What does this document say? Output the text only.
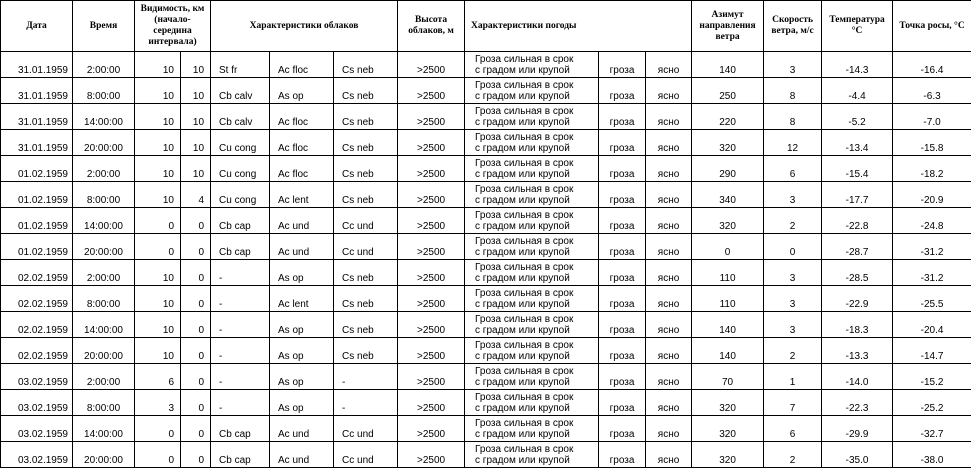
Дата	Время	Видимость, км (начало-середина интервала)		Характеристики облаков			Высота облаков, м	Характеристики погоды			Азимут направления ветра	Скорость ветра, м/с	Температура °С	Точка росы, °С
31.01.1959	2:00:00	10	10	St fr	Ac floc	Cs neb	>2500	Гроза сильная в срок
с градом или крупой	гроза	ясно	140	3	-14.3	-16.4
31.01.1959	8:00:00	10	10	Cb calv	As op	Cs neb	>2500	Гроза сильная в срок
с градом или крупой	гроза	ясно	250	8	-4.4	-6.3
31.01.1959	14:00:00	10	10	Cb calv	Ac floc	Cs neb	>2500	Гроза сильная в срок
с градом или крупой	гроза	ясно	220	8	-5.2	-7.0
31.01.1959	20:00:00	10	10	Cu cong	Ac floc	Cs neb	>2500	Гроза сильная в срок
с градом или крупой	гроза	ясно	320	12	-13.4	-15.8
01.02.1959	2:00:00	10	10	Cu cong	Ac floc	Cs neb	>2500	Гроза сильная в срок
с градом или крупой	гроза	ясно	290	6	-15.4	-18.2
01.02.1959	8:00:00	10	4	Cu cong	Ac lent	Cs neb	>2500	Гроза сильная в срок
с градом или крупой	гроза	ясно	340	3	-17.7	-20.9
01.02.1959	14:00:00	0	0	Cb cap	Ac und	Cc und	>2500	Гроза сильная в срок
с градом или крупой	гроза	ясно	320	2	-22.8	-24.8
01.02.1959	20:00:00	0	0	Cb cap	Ac und	Cc und	>2500	Гроза сильная в срок
с градом или крупой	гроза	ясно	0	0	-28.7	-31.2
02.02.1959	2:00:00	10	0	-	As op	Cs neb	>2500	Гроза сильная в срок
с градом или крупой	гроза	ясно	110	3	-28.5	-31.2
02.02.1959	8:00:00	10	0	-	Ac lent	Cs neb	>2500	Гроза сильная в срок
с градом или крупой	гроза	ясно	110	3	-22.9	-25.5
02.02.1959	14:00:00	10	0	-	As op	Cs neb	>2500	Гроза сильная в срок
с градом или крупой	гроза	ясно	140	3	-18.3	-20.4
02.02.1959	20:00:00	10	0	-	As op	Cs neb	>2500	Гроза сильная в срок
с градом или крупой	гроза	ясно	140	2	-13.3	-14.7
03.02.1959	2:00:00	6	0	-	As op	-	>2500	Гроза сильная в срок
с градом или крупой	гроза	ясно	70	1	-14.0	-15.2
03.02.1959	8:00:00	3	0	-	As op	-	>2500	Гроза сильная в срок
с градом или крупой	гроза	ясно	320	7	-22.3	-25.2
03.02.1959	14:00:00	0	0	Cb cap	Ac und	Cc und	>2500	Гроза сильная в срок
с градом или крупой	гроза	ясно	320	6	-29.9	-32.7
03.02.1959	20:00:00	0	0	Cb cap	Ac und	Cc und	>2500	Гроза сильная в срок
с градом или крупой	гроза	ясно	320	2	-35.0	-38.0
